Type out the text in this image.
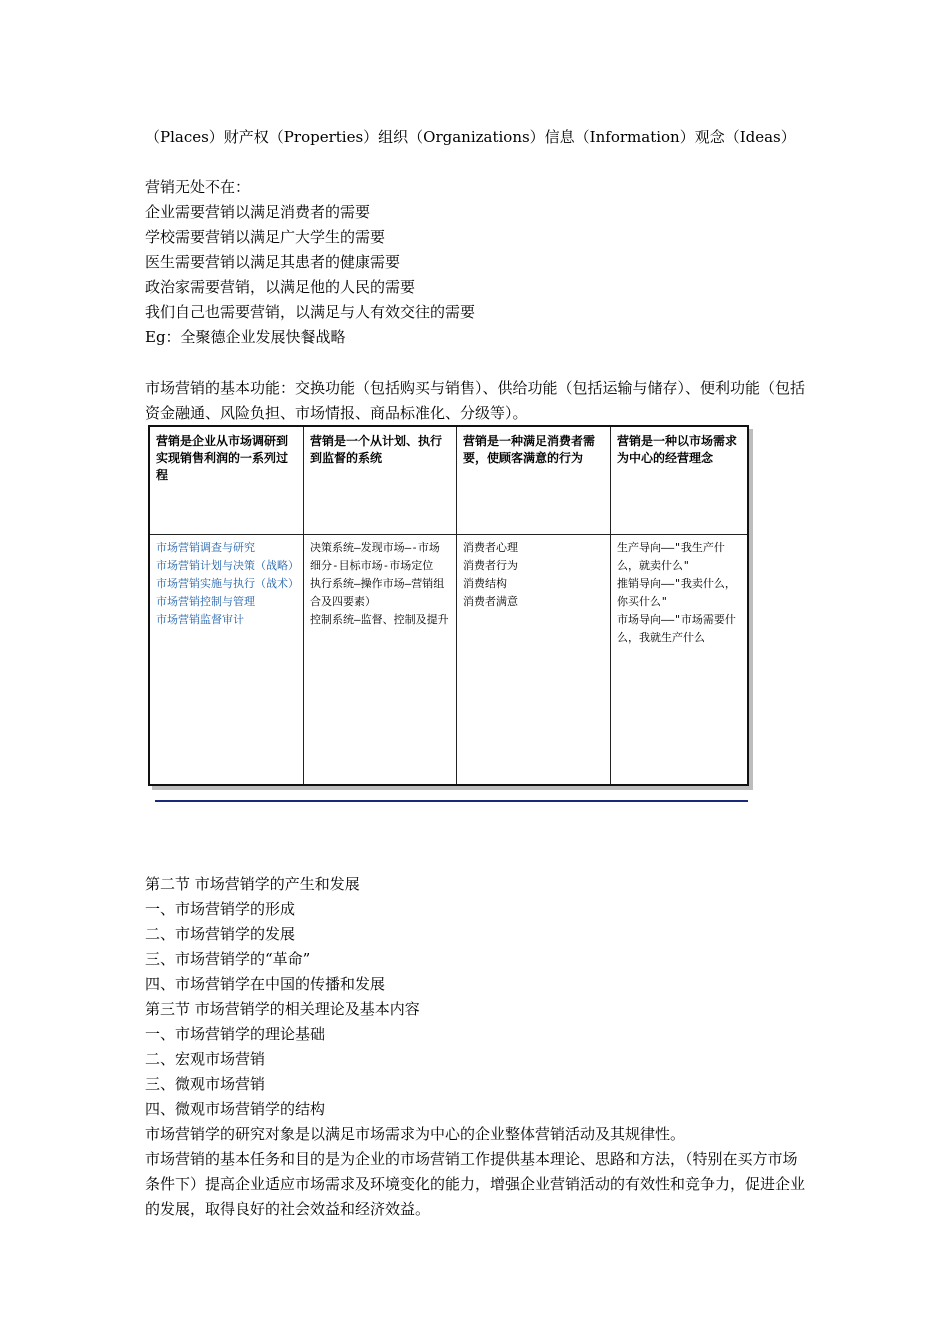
（Places）财产权（Properties）组织（Organizations）信息（Information）观念（Ideas）
营销无处不在：
企业需要营销以满足消费者的需要
学校需要营销以满足广大学生的需要
医生需要营销以满足其患者的健康需要
政治家需要营销，以满足他的人民的需要
我们自己也需要营销，以满足与人有效交往的需要
Eg：全聚德企业发展快餐战略
市场营销的基本功能：交换功能（包括购买与销售）、供给功能（包括运输与储存）、便利功能（包括资金融通、风险负担、市场情报、商品标准化、分级等）。
营销是企业从市场调研到实现销售利润的一系列过程
营销是一个从计划、执行到监督的系统
营销是一种满足消费者需要，使顾客满意的行为
营销是一种以市场需求为中心的经营理念
市场营销调查与研究
市场营销计划与决策（战略）
市场营销实施与执行（战术）
市场营销控制与管理
市场营销监督审计
决策系统—发现市场—-市场细分-目标市场-市场定位
执行系统—操作市场—营销组合及四要素）
控制系统—监督、控制及提升
消费者心理
消费者行为
消费结构
消费者满意
生产导向——"我生产什么，就卖什么"
推销导向——"我卖什么，你买什么"
市场导向——"市场需要什么，我就生产什么
第二节 市场营销学的产生和发展
一、市场营销学的形成
二、市场营销学的发展
三、市场营销学的“革命”
四、市场营销学在中国的传播和发展
第三节 市场营销学的相关理论及基本内容
一、市场营销学的理论基础
二、宏观市场营销
三、微观市场营销
四、微观市场营销学的结构
市场营销学的研究对象是以满足市场需求为中心的企业整体营销活动及其规律性。
市场营销的基本任务和目的是为企业的市场营销工作提供基本理论、思路和方法，（特别在买方市场条件下）提高企业适应市场需求及环境变化的能力，增强企业营销活动的有效性和竞争力，促进企业的发展，取得良好的社会效益和经济效益。
